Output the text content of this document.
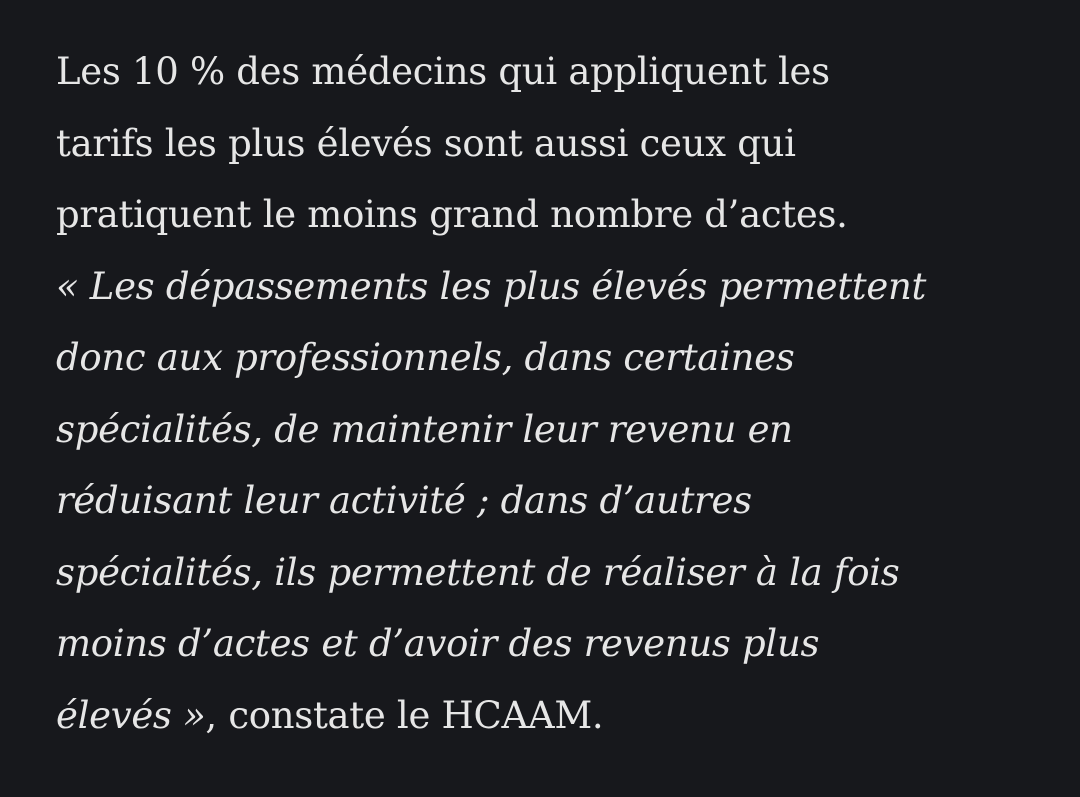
Les 10 % des médecins qui appliquent les
tarifs les plus élevés sont aussi ceux qui
pratiquent le moins grand nombre d’actes.
« Les dépassements les plus élevés permettent
donc aux professionnels, dans certaines
spécialités, de maintenir leur revenu en
réduisant leur activité ; dans d’autres
spécialités, ils permettent de réaliser à la fois
moins d’actes et d’avoir des revenus plus
élevés », constate le HCAAM.
